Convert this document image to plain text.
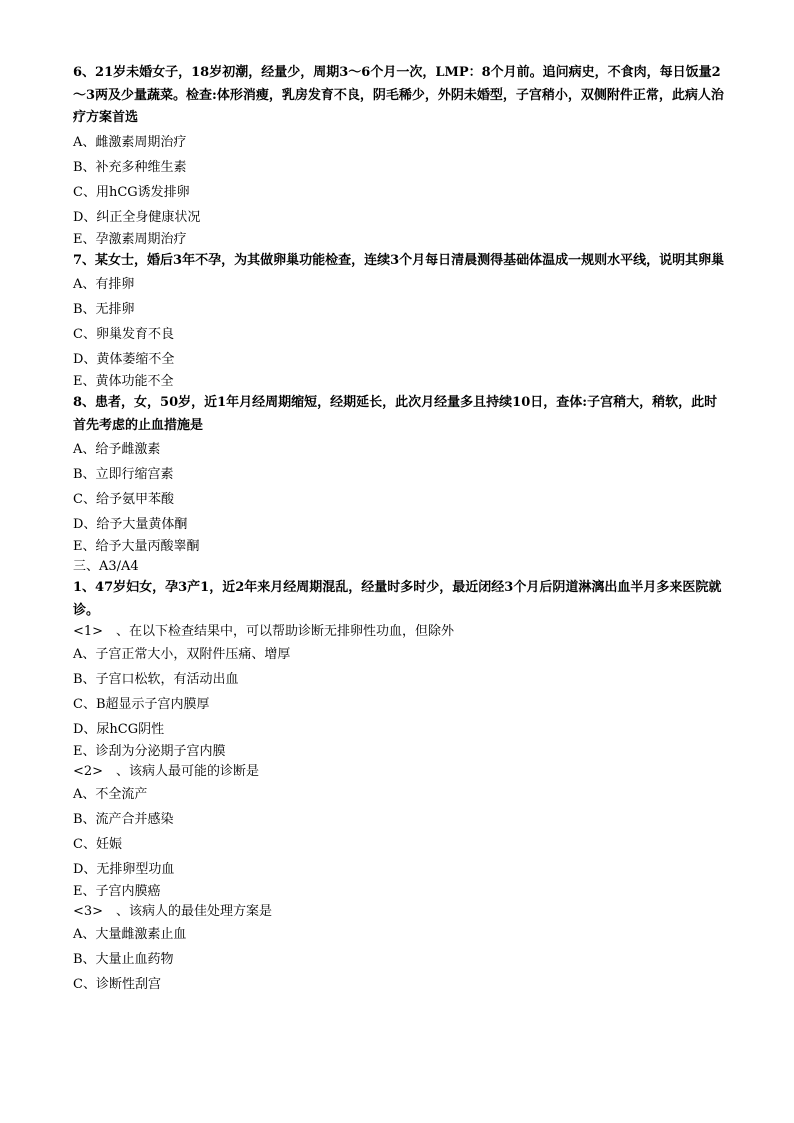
6、21岁未婚女子，18岁初潮，经量少，周期3～6个月一次，LMP：8个月前。追问病史，不食肉，每日饭量2～3两及少量蔬菜。检查:体形消瘦，乳房发育不良，阴毛稀少，外阴未婚型，子宫稍小，双侧附件正常，此病人治疗方案首选

A、雌激素周期治疗

B、补充多种维生素

C、用hCG诱发排卵

D、纠正全身健康状况

E、孕激素周期治疗

7、某女士，婚后3年不孕，为其做卵巢功能检查，连续3个月每日清晨测得基础体温成一规则水平线，说明其卵巢

A、有排卵

B、无排卵

C、卵巢发育不良

D、黄体萎缩不全

E、黄体功能不全

8、患者，女，50岁，近1年月经周期缩短，经期延长，此次月经量多且持续10日，查体:子宫稍大，稍软，此时首先考虑的止血措施是

A、给予雌激素

B、立即行缩宫素

C、给予氨甲苯酸

D、给予大量黄体酮

E、给予大量丙酸睾酮

三、A3/A4

1、47岁妇女，孕3产1，近2年来月经周期混乱，经量时多时少，最近闭经3个月后阴道淋漓出血半月多来医院就诊。

<1>　、在以下检查结果中，可以帮助诊断无排卵性功血，但除外

A、子宫正常大小，双附件压痛、增厚

B、子宫口松软，有活动出血

C、B超显示子宫内膜厚

D、尿hCG阴性

E、诊刮为分泌期子宫内膜

<2>　、该病人最可能的诊断是

A、不全流产

B、流产合并感染

C、妊娠

D、无排卵型功血

E、子宫内膜癌

<3>　、该病人的最佳处理方案是

A、大量雌激素止血

B、大量止血药物

C、诊断性刮宫
